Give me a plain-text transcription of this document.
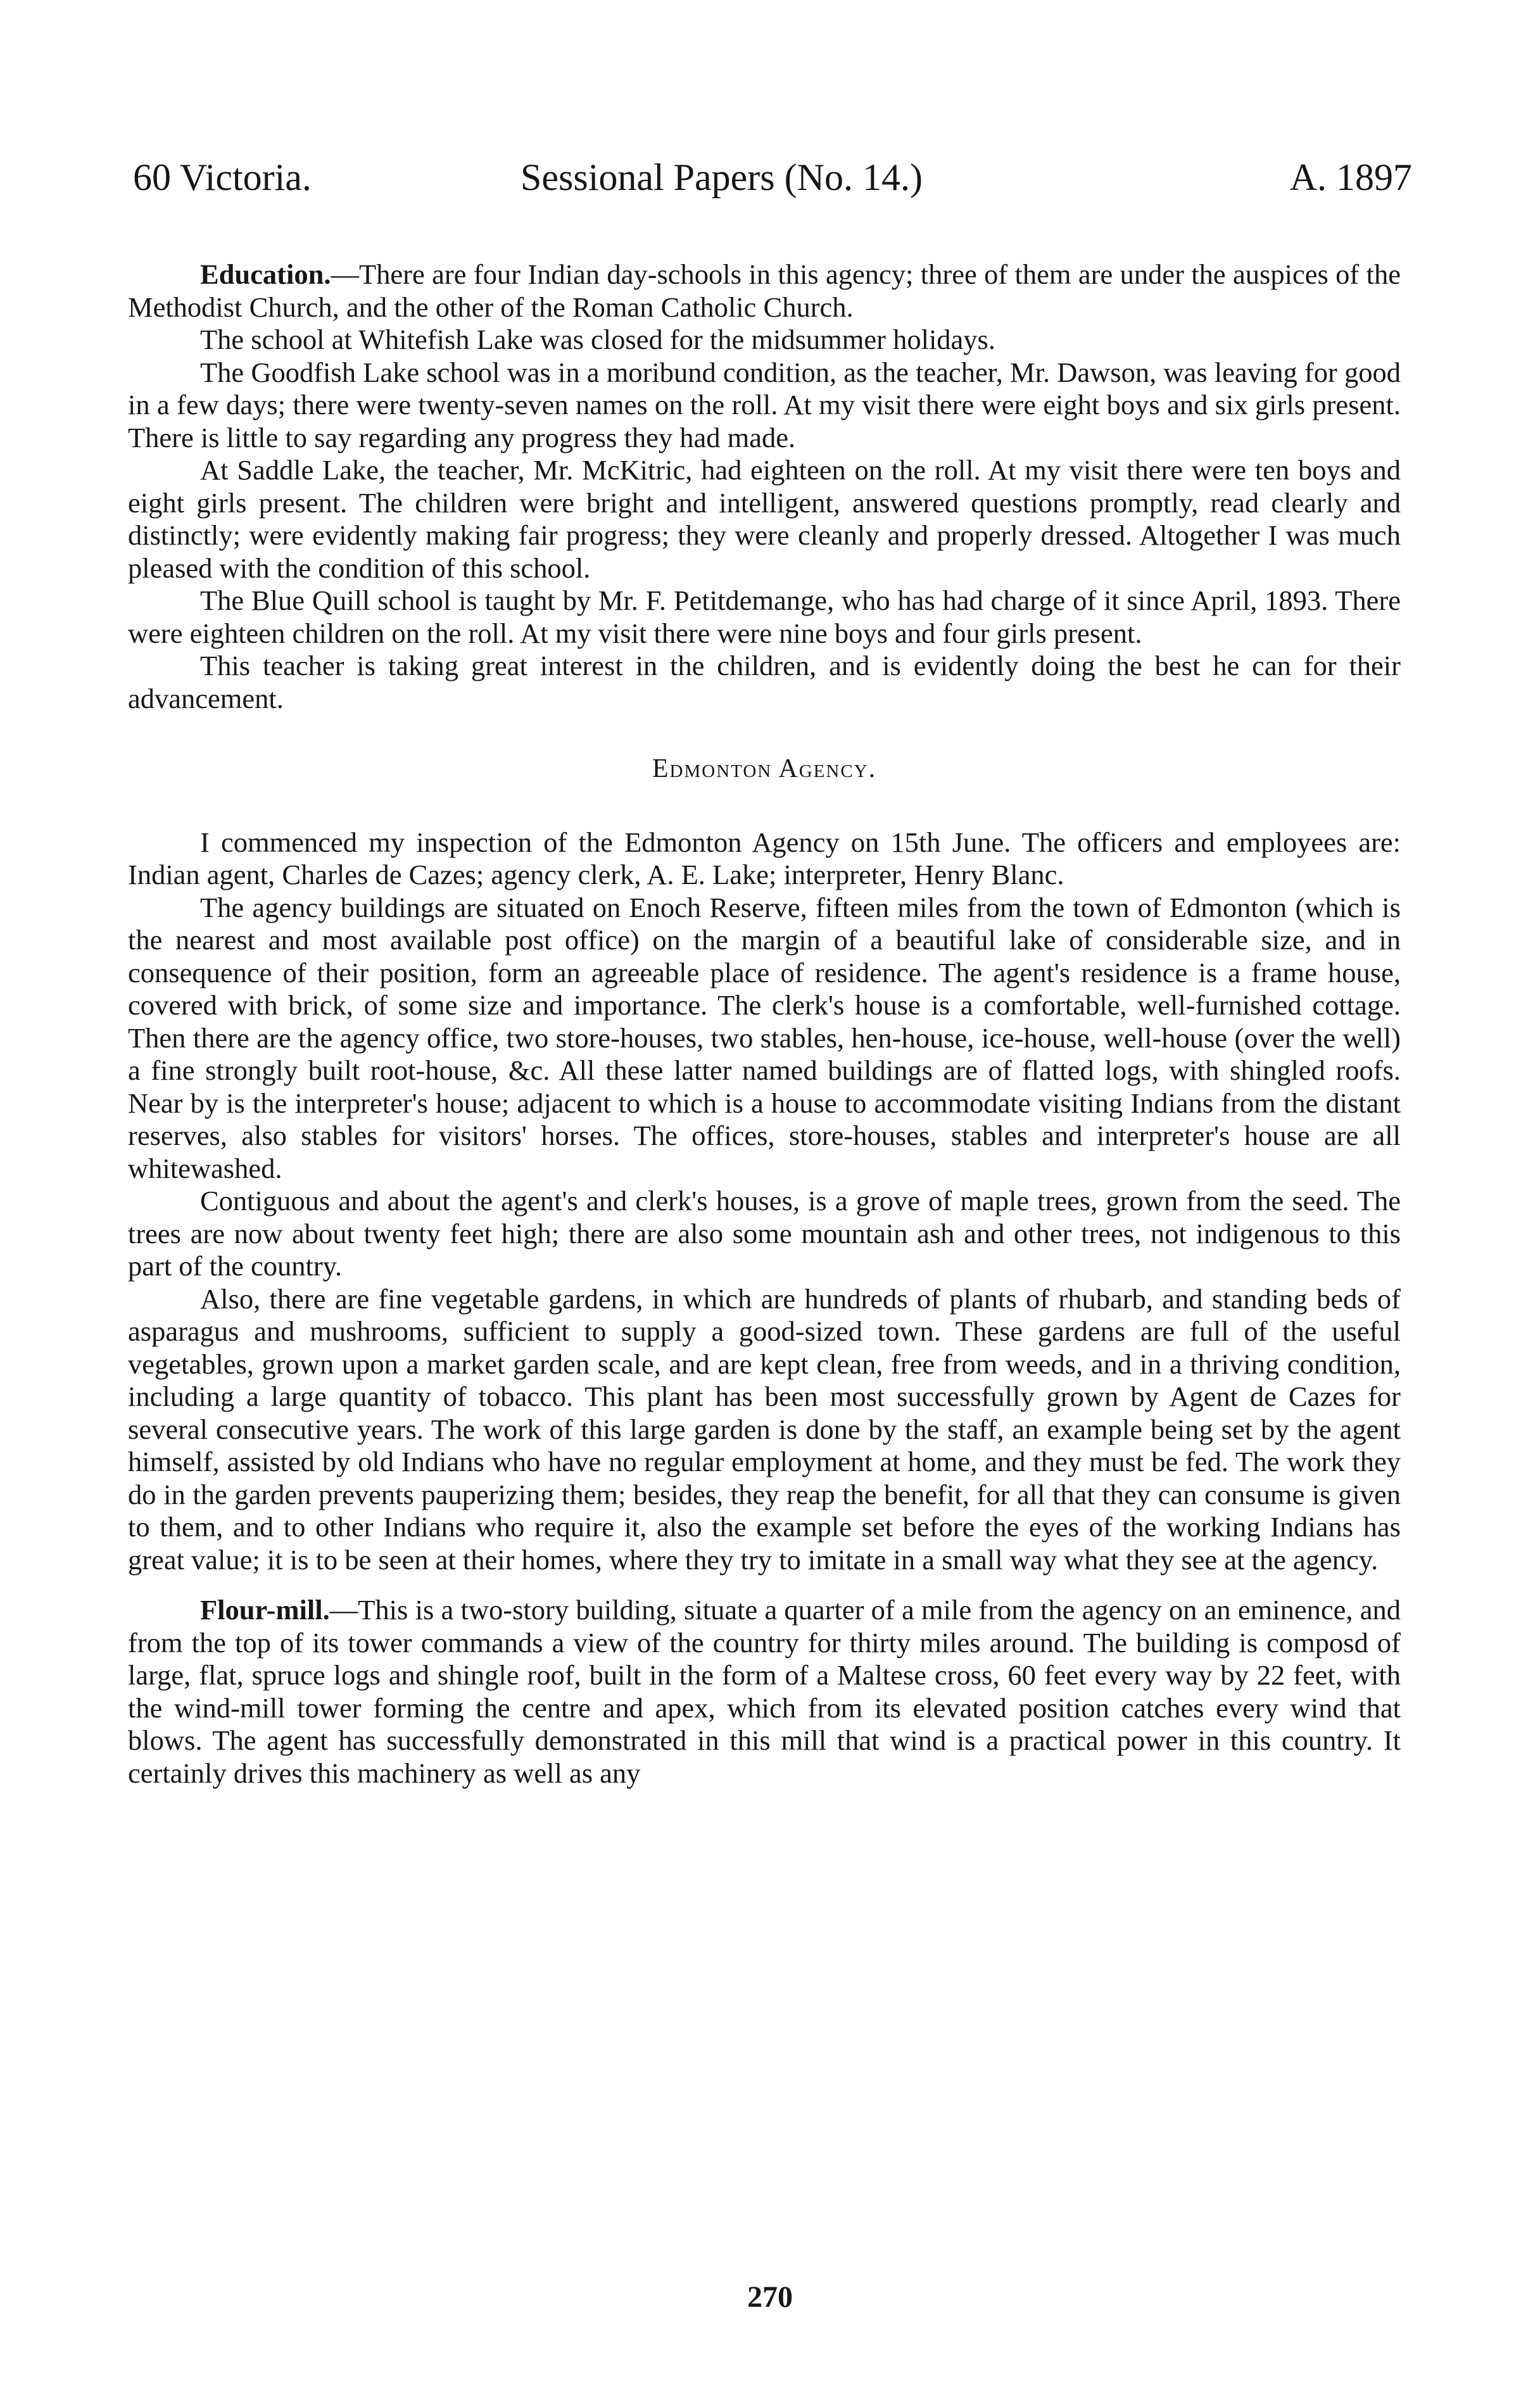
60 Victoria.	Sessional Papers (No. 14.)	A. 1897

Education.—There are four Indian day-schools in this agency; three of them are under the auspices of the Methodist Church, and the other of the Roman Catholic Church.

The school at Whitefish Lake was closed for the midsummer holidays.

The Goodfish Lake school was in a moribund condition, as the teacher, Mr. Dawson, was leaving for good in a few days; there were twenty-seven names on the roll. At my visit there were eight boys and six girls present. There is little to say regarding any progress they had made.

At Saddle Lake, the teacher, Mr. McKitric, had eighteen on the roll. At my visit there were ten boys and eight girls present. The children were bright and intelligent, answered questions promptly, read clearly and distinctly; were evidently making fair progress; they were cleanly and properly dressed. Altogether I was much pleased with the condition of this school.

The Blue Quill school is taught by Mr. F. Petitdemange, who has had charge of it since April, 1893. There were eighteen children on the roll. At my visit there were nine boys and four girls present.

This teacher is taking great interest in the children, and is evidently doing the best he can for their advancement.

Edmonton Agency.

I commenced my inspection of the Edmonton Agency on 15th June. The officers and employees are: Indian agent, Charles de Cazes; agency clerk, A. E. Lake; interpreter, Henry Blanc.

The agency buildings are situated on Enoch Reserve, fifteen miles from the town of Edmonton (which is the nearest and most available post office) on the margin of a beautiful lake of considerable size, and in consequence of their position, form an agreeable place of residence. The agent's residence is a frame house, covered with brick, of some size and importance. The clerk's house is a comfortable, well-furnished cottage. Then there are the agency office, two store-houses, two stables, hen-house, ice-house, well-house (over the well) a fine strongly built root-house, &c. All these latter named buildings are of flatted logs, with shingled roofs. Near by is the interpreter's house; adjacent to which is a house to accommodate visiting Indians from the distant reserves, also stables for visitors' horses. The offices, store-houses, stables and interpreter's house are all whitewashed.

Contiguous and about the agent's and clerk's houses, is a grove of maple trees, grown from the seed. The trees are now about twenty feet high; there are also some mountain ash and other trees, not indigenous to this part of the country.

Also, there are fine vegetable gardens, in which are hundreds of plants of rhubarb, and standing beds of asparagus and mushrooms, sufficient to supply a good-sized town. These gardens are full of the useful vegetables, grown upon a market garden scale, and are kept clean, free from weeds, and in a thriving condition, including a large quantity of tobacco. This plant has been most successfully grown by Agent de Cazes for several consecutive years. The work of this large garden is done by the staff, an example being set by the agent himself, assisted by old Indians who have no regular employment at home, and they must be fed. The work they do in the garden prevents pauperizing them; besides, they reap the benefit, for all that they can consume is given to them, and to other Indians who require it, also the example set before the eyes of the working Indians has great value; it is to be seen at their homes, where they try to imitate in a small way what they see at the agency.

Flour-mill.—This is a two-story building, situate a quarter of a mile from the agency on an eminence, and from the top of its tower commands a view of the country for thirty miles around. The building is composd of large, flat, spruce logs and shingle roof, built in the form of a Maltese cross, 60 feet every way by 22 feet, with the wind-mill tower forming the centre and apex, which from its elevated position catches every wind that blows. The agent has successfully demonstrated in this mill that wind is a practical power in this country. It certainly drives this machinery as well as any

270
